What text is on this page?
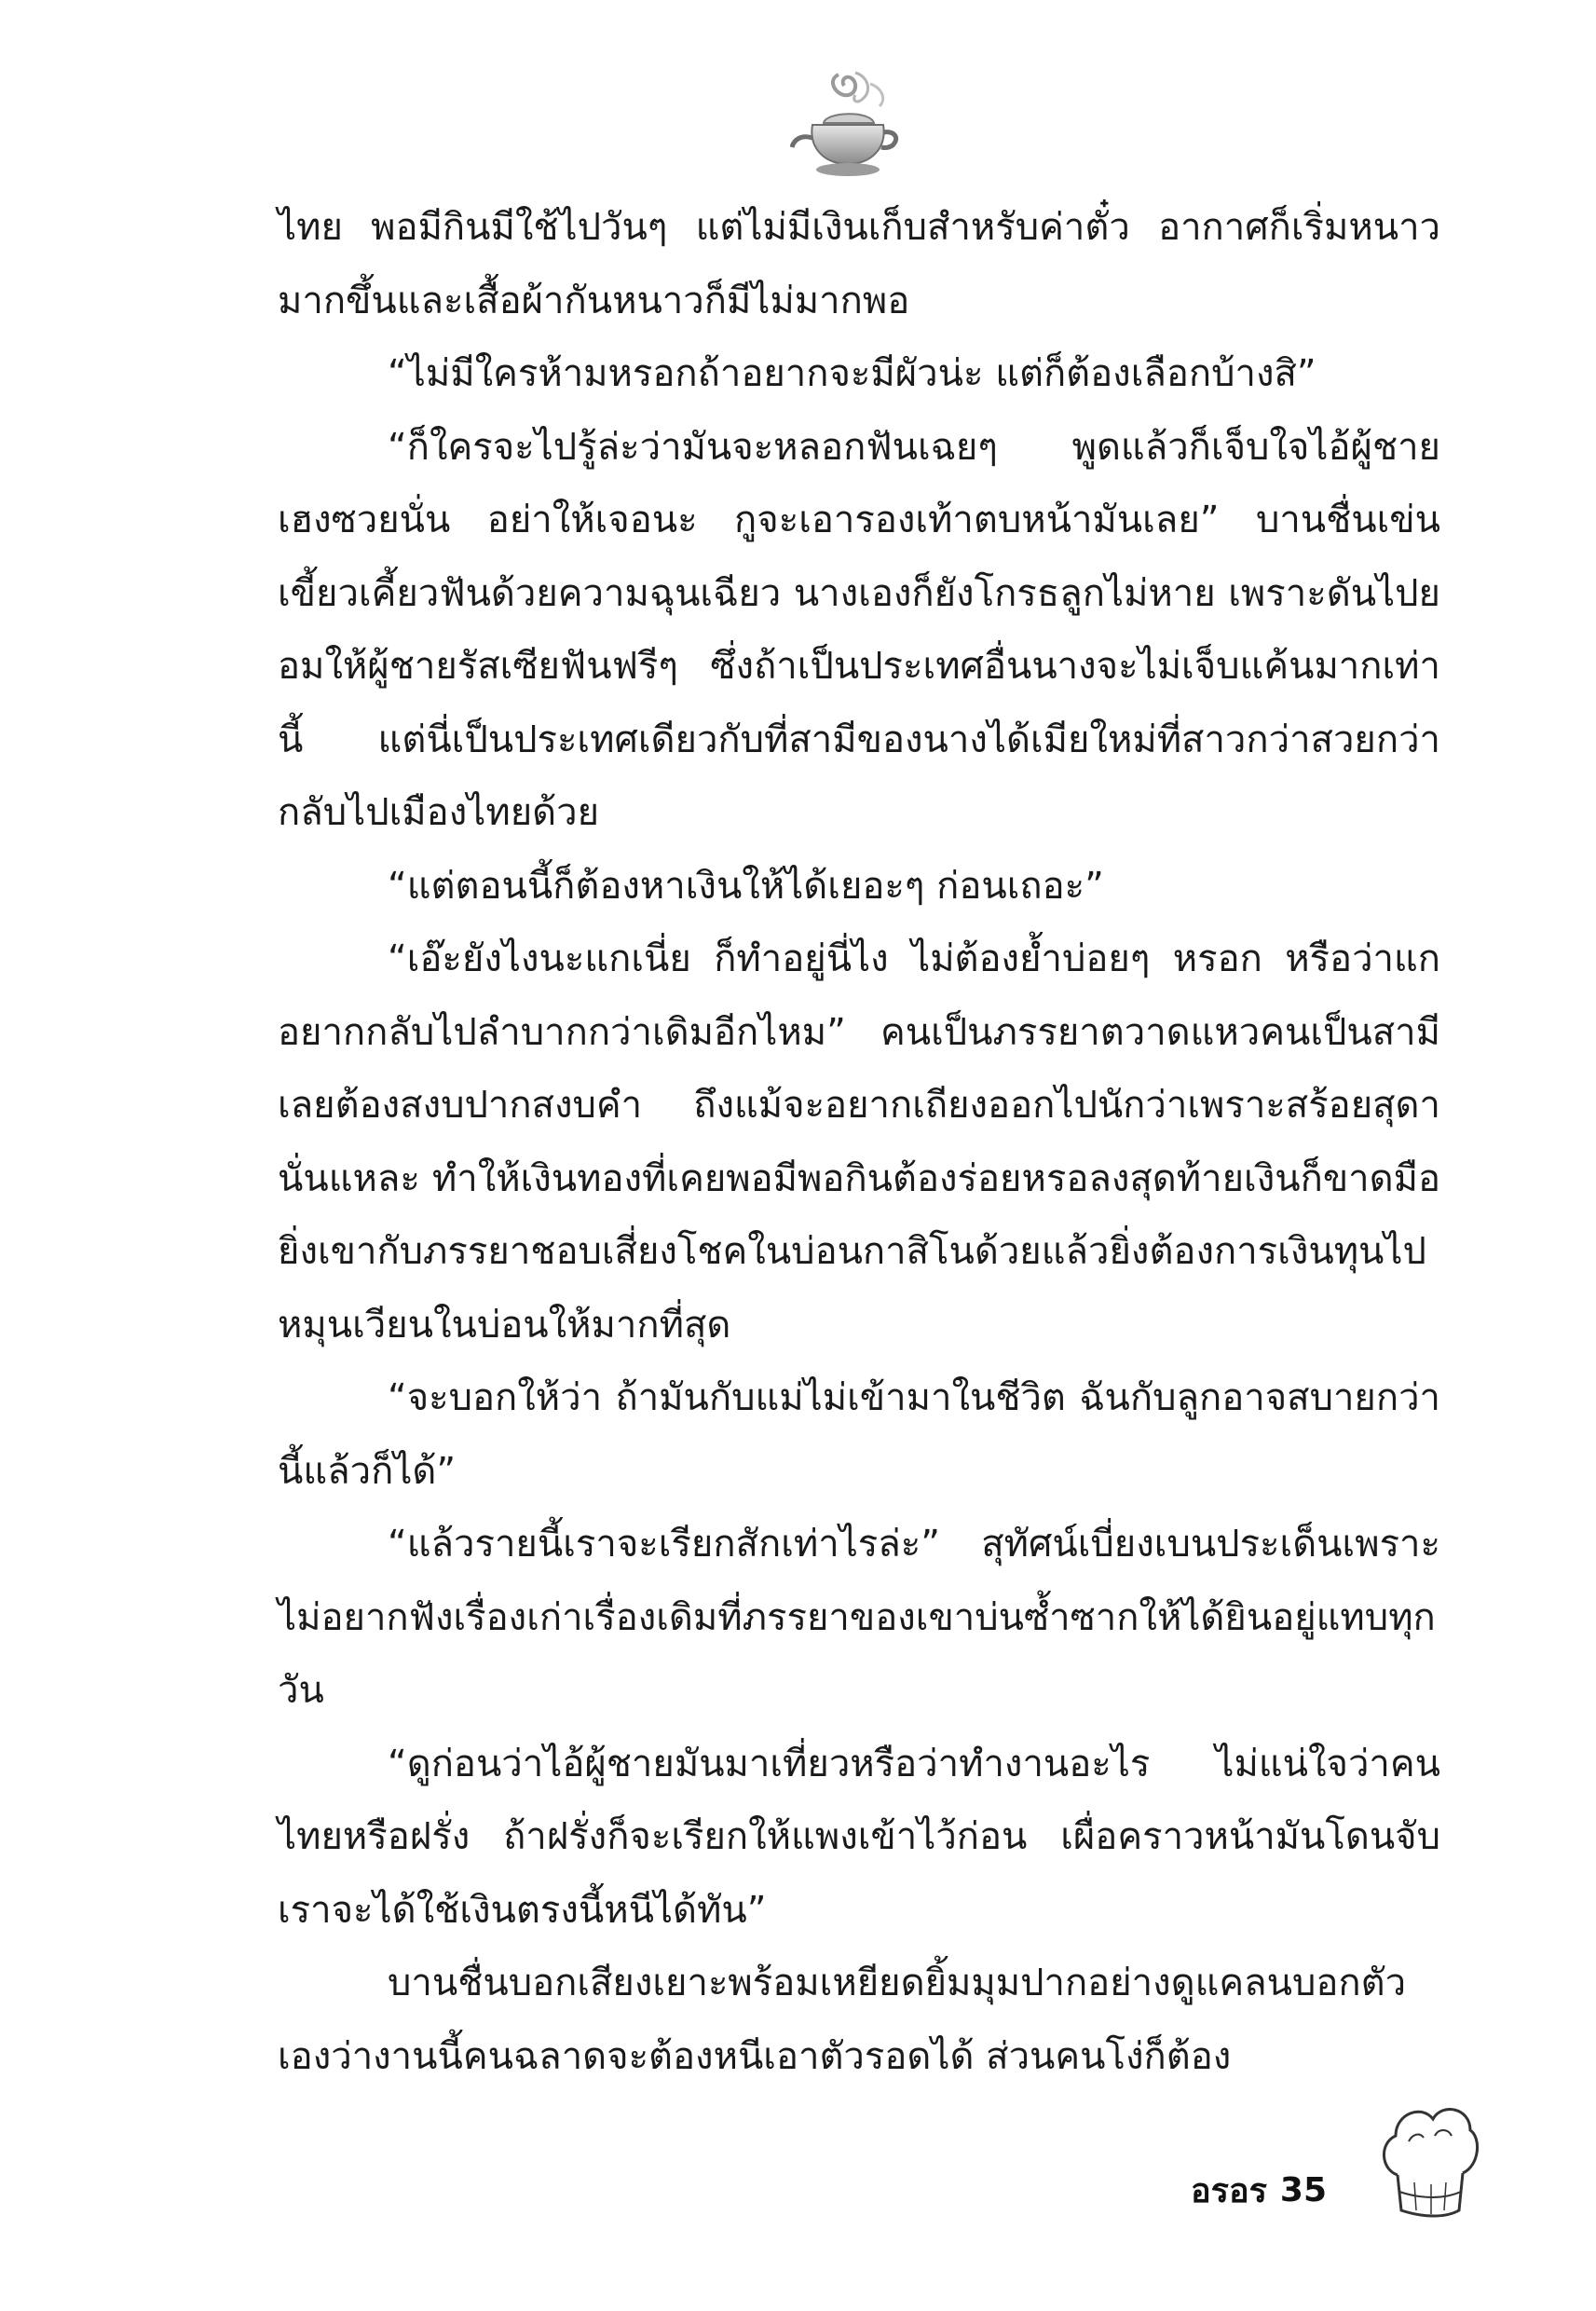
ไทย พอมีกินมีใช้ไปวันๆ แต่ไม่มีเงินเก็บสำหรับค่าตั๋ว อากาศก็เริ่มหนาวมากขึ้นและเสื้อผ้ากันหนาวก็มีไม่มากพอ

“ไม่มีใครห้ามหรอกถ้าอยากจะมีผัวน่ะ แต่ก็ต้องเลือกบ้างสิ”

“ก็ใครจะไปรู้ล่ะว่ามันจะหลอกฟันเฉยๆ พูดแล้วก็เจ็บใจไอ้ผู้ชายเฮงซวยนั่น อย่าให้เจอนะ กูจะเอารองเท้าตบหน้ามันเลย” บานชื่นเข่นเขี้ยวเคี้ยวฟันด้วยความฉุนเฉียว นางเองก็ยังโกรธลูกไม่หาย เพราะดันไปยอมให้ผู้ชายรัสเซียฟันฟรีๆ ซึ่งถ้าเป็นประเทศอื่นนางจะไม่เจ็บแค้นมากเท่านี้ แต่นี่เป็นประเทศเดียวกับที่สามีของนางได้เมียใหม่ที่สาวกว่าสวยกว่ากลับไปเมืองไทยด้วย

“แต่ตอนนี้ก็ต้องหาเงินให้ได้เยอะๆ ก่อนเถอะ”

“เอ๊ะยังไงนะแกเนี่ย ก็ทำอยู่นี่ไง ไม่ต้องย้ำบ่อยๆ หรอก หรือว่าแกอยากกลับไปลำบากกว่าเดิมอีกไหม” คนเป็นภรรยาตวาดแหวคนเป็นสามีเลยต้องสงบปากสงบคำ ถึงแม้จะอยากเถียงออกไปนักว่าเพราะสร้อยสุดานั่นแหละ ทำให้เงินทองที่เคยพอมีพอกินต้องร่อยหรอลงสุดท้ายเงินก็ขาดมือ ยิ่งเขากับภรรยาชอบเสี่ยงโชคในบ่อนกาสิโนด้วยแล้วยิ่งต้องการเงินทุนไปหมุนเวียนในบ่อนให้มากที่สุด

“จะบอกให้ว่า ถ้ามันกับแม่ไม่เข้ามาในชีวิต ฉันกับลูกอาจสบายกว่านี้แล้วก็ได้”

“แล้วรายนี้เราจะเรียกสักเท่าไรล่ะ” สุทัศน์เบี่ยงเบนประเด็นเพราะไม่อยากฟังเรื่องเก่าเรื่องเดิมที่ภรรยาของเขาบ่นซ้ำซากให้ได้ยินอยู่แทบทุกวัน

“ดูก่อนว่าไอ้ผู้ชายมันมาเที่ยวหรือว่าทำงานอะไร ไม่แน่ใจว่าคนไทยหรือฝรั่ง ถ้าฝรั่งก็จะเรียกให้แพงเข้าไว้ก่อน เผื่อคราวหน้ามันโดนจับเราจะได้ใช้เงินตรงนี้หนีได้ทัน”

บานชื่นบอกเสียงเยาะพร้อมเหยียดยิ้มมุมปากอย่างดูแคลนบอกตัวเองว่างานนี้คนฉลาดจะต้องหนีเอาตัวรอดได้ ส่วนคนโง่ก็ต้อง

อรอร 35
